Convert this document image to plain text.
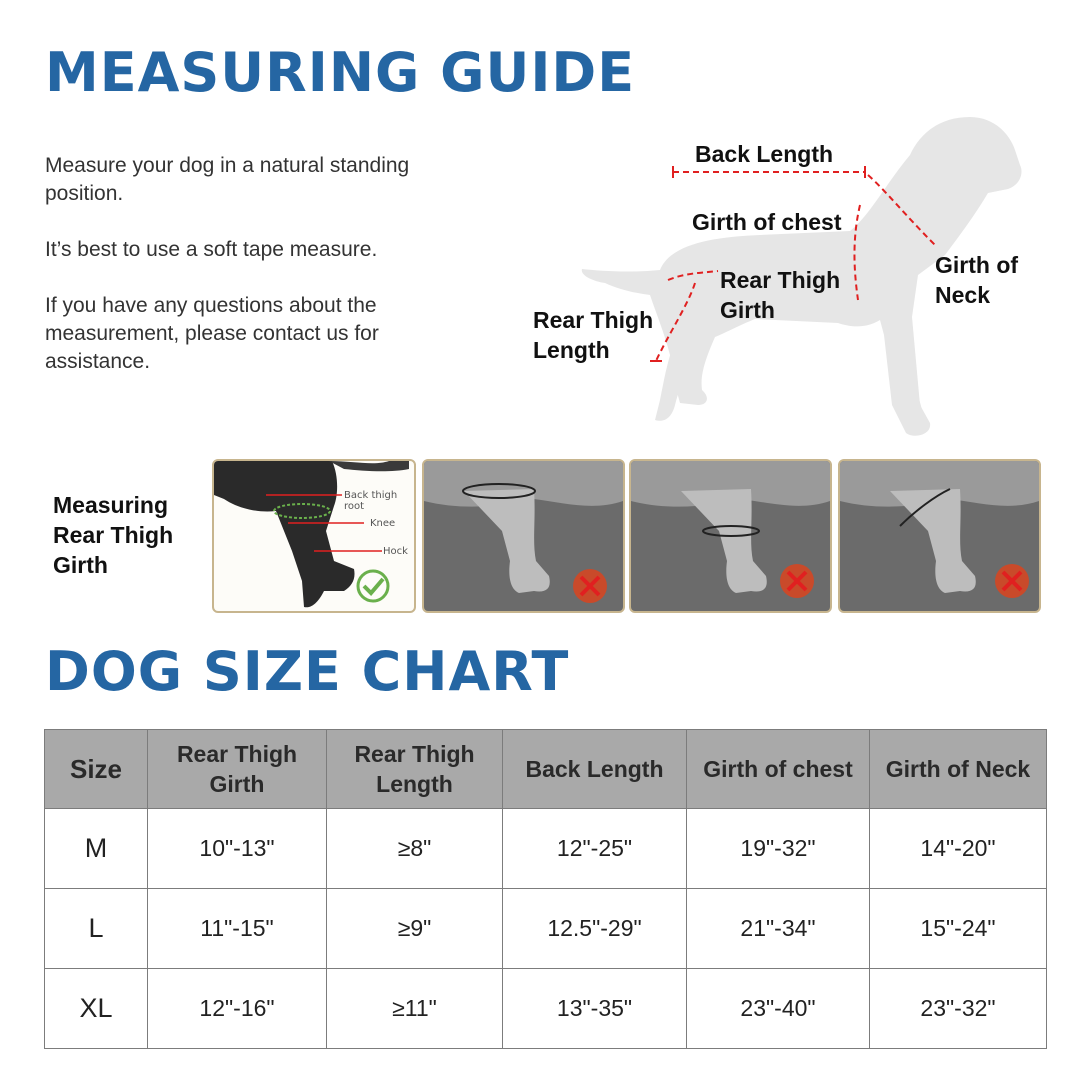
MEASURING GUIDE

Measure your dog in a natural standing position.

It’s best to use a soft tape measure.

If you have any questions about the measurement, please contact us for assistance.

Back Length
Girth of chest
Girth of
Neck
Rear Thigh
Girth
Rear Thigh
Length
Measuring
Rear Thigh
Girth
Back thigh root
Knee
Hock
DOG SIZE CHART
Size	Rear Thigh Girth	Rear Thigh Length	Back Length	Girth of chest	Girth of Neck
M	10"-13"	≥8"	12"-25"	19"-32"	14"-20"
L	11"-15"	≥9"	12.5"-29"	21"-34"	15"-24"
XL	12"-16"	≥11"	13"-35"	23"-40"	23"-32"
